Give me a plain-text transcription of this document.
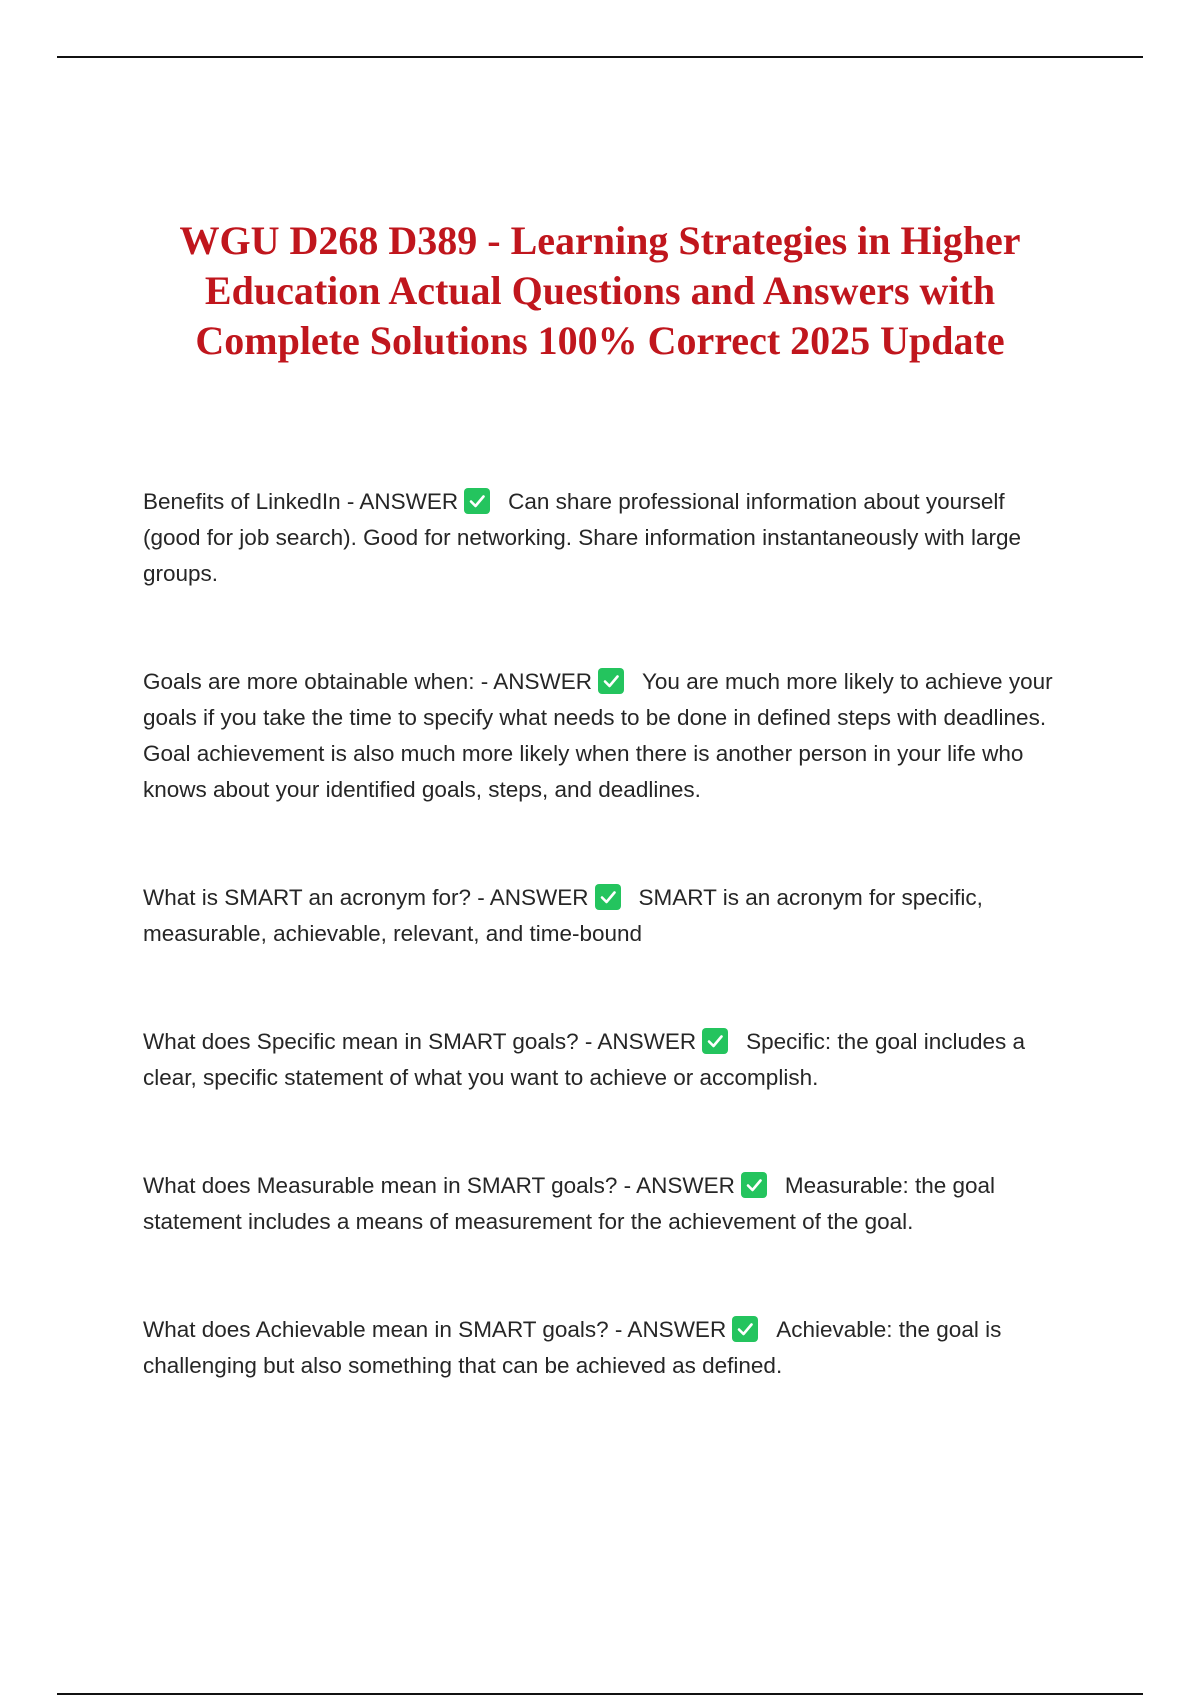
WGU D268 D389 - Learning Strategies in Higher Education Actual Questions and Answers with Complete Solutions 100% Correct 2025 Update

Benefits of LinkedIn - ANSWER Can share professional information about yourself (good for job search). Good for networking. Share information instantaneously with large groups.

Goals are more obtainable when: - ANSWER You are much more likely to achieve your goals if you take the time to specify what needs to be done in defined steps with deadlines. Goal achievement is also much more likely when there is another person in your life who knows about your identified goals, steps, and deadlines.

What is SMART an acronym for? - ANSWER SMART is an acronym for specific, measurable, achievable, relevant, and time-bound

What does Specific mean in SMART goals? - ANSWER Specific: the goal includes a clear, specific statement of what you want to achieve or accomplish.

What does Measurable mean in SMART goals? - ANSWER Measurable: the goal statement includes a means of measurement for the achievement of the goal.

What does Achievable mean in SMART goals? - ANSWER Achievable: the goal is challenging but also something that can be achieved as defined.
